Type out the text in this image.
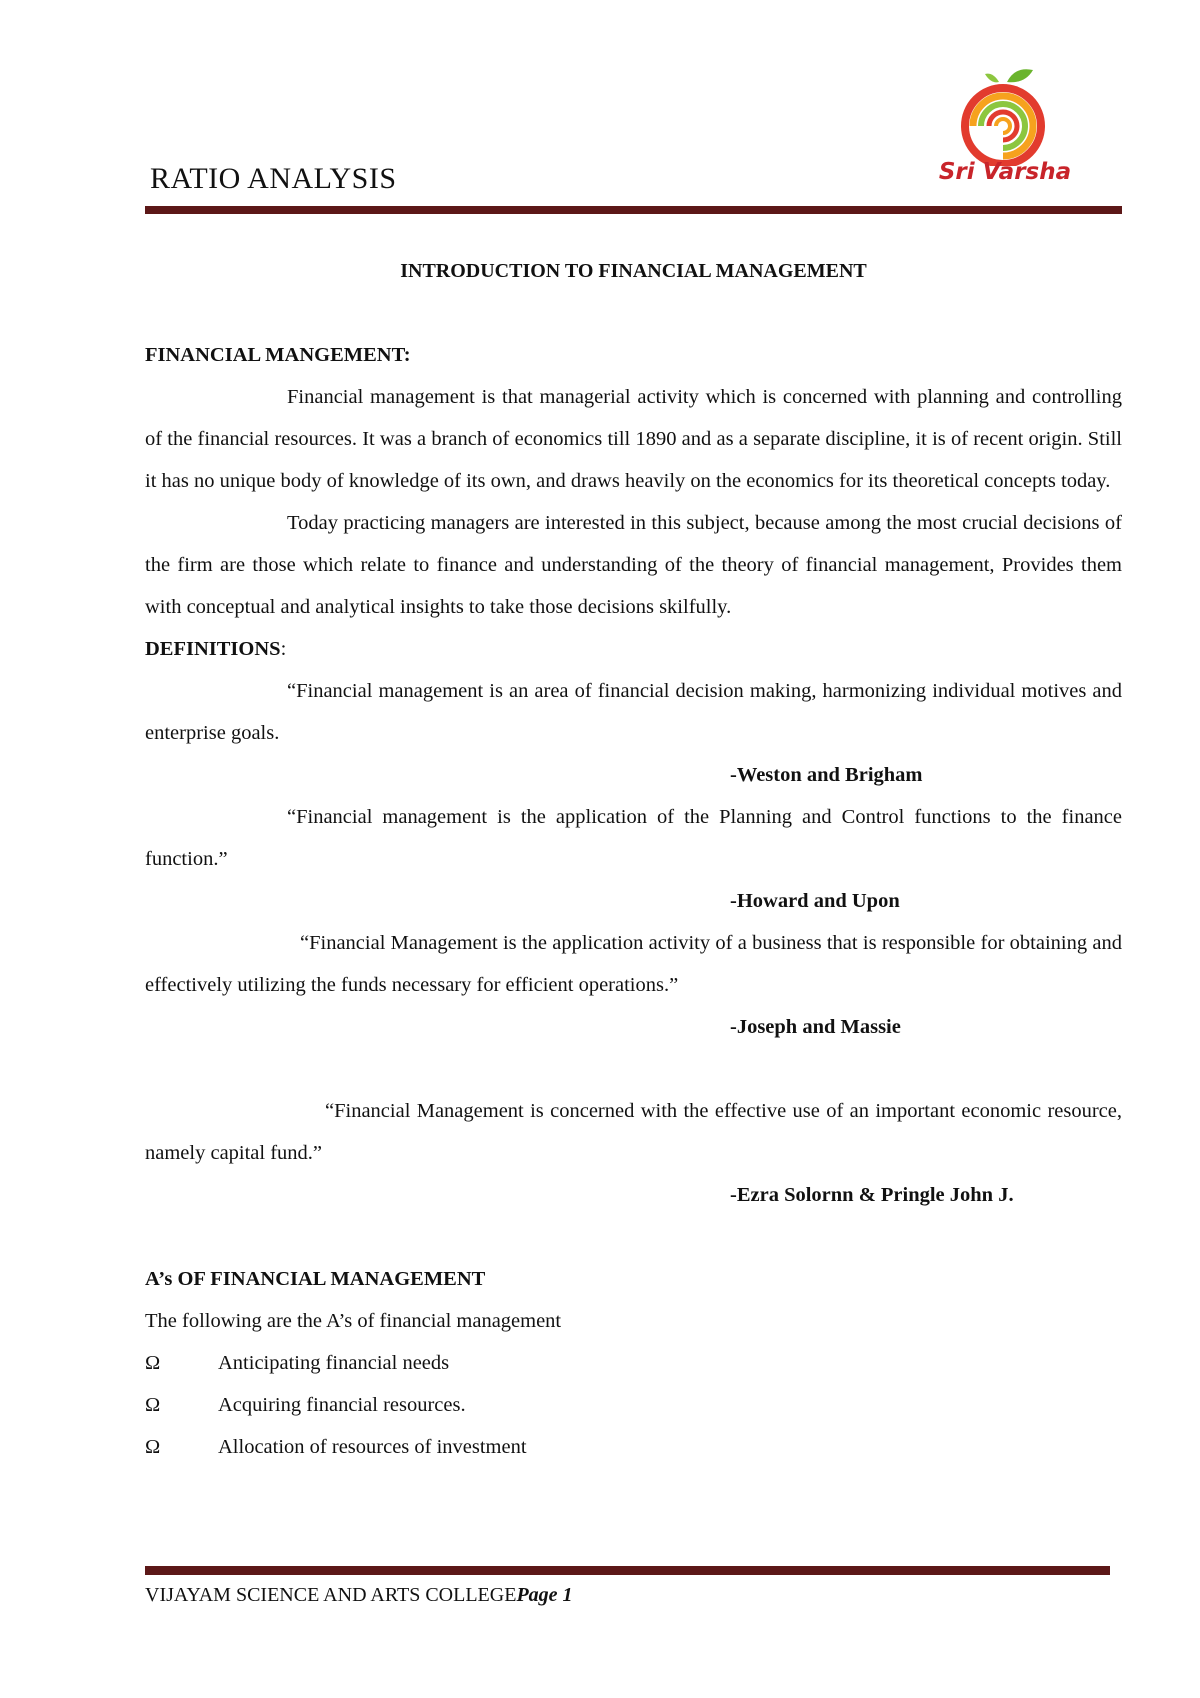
RATIO ANALYSIS	Sri Varsha

INTRODUCTION TO FINANCIAL MANAGEMENT

FINANCIAL MANGEMENT:

Financial management is that managerial activity which is concerned with planning and controlling of the financial resources. It was a branch of economics till 1890 and as a separate discipline, it is of recent origin. Still it has no unique body of knowledge of its own, and draws heavily on the economics for its theoretical concepts today.

Today practicing managers are interested in this subject, because among the most crucial decisions of the firm are those which relate to finance and understanding of the theory of financial management, Provides them with conceptual and analytical insights to take those decisions skilfully.

DEFINITIONS:

“Financial management is an area of financial decision making, harmonizing individual motives and enterprise goals.

-Weston and Brigham

“Financial management is the application of the Planning and Control functions to the finance function.”

-Howard and Upon

“Financial Management is the application activity of a business that is responsible for obtaining and effectively utilizing the funds necessary for efficient operations.”

-Joseph and Massie

“Financial Management is concerned with the effective use of an important economic resource, namely capital fund.”

-Ezra Solornn & Pringle John J.

A’s OF FINANCIAL MANAGEMENT

The following are the A’s of financial management

Ω	Anticipating financial needs
Ω	Acquiring financial resources.
Ω	Allocation of resources of investment
VIJAYAM SCIENCE AND ARTS COLLEGEPage 1
